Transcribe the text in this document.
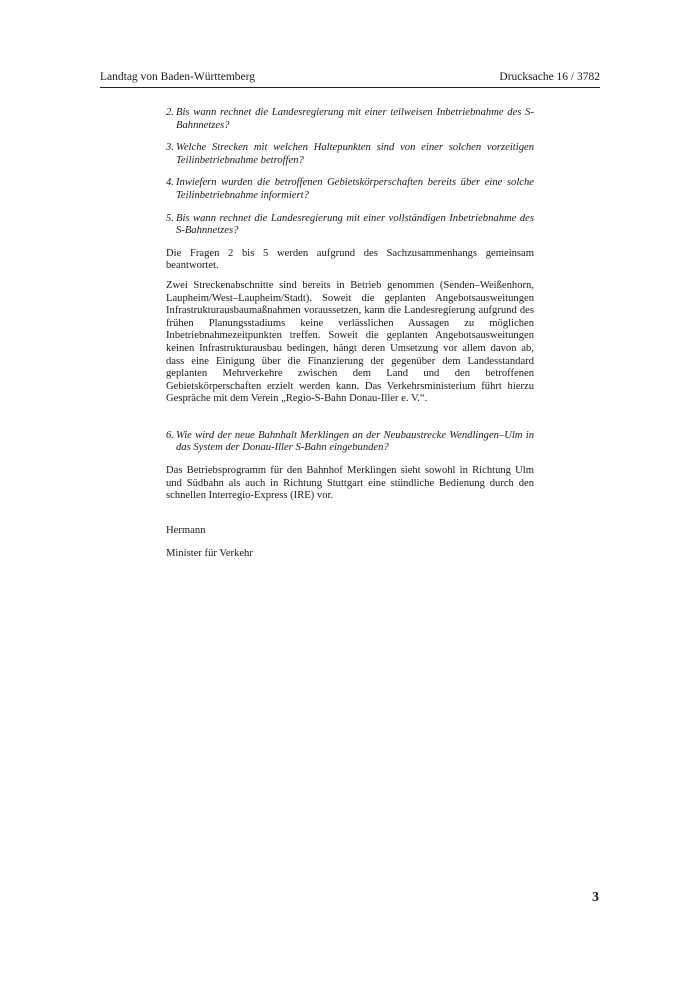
Landtag von Baden-Württemberg	Drucksache 16 / 3782
2. Bis wann rechnet die Landesregierung mit einer teilweisen Inbetriebnahme des S-Bahnnetzes?
3. Welche Strecken mit welchen Haltepunkten sind von einer solchen vorzeitigen Teilinbetriebnahme betroffen?
4. Inwiefern wurden die betroffenen Gebietskörperschaften bereits über eine solche Teilinbetriebnahme informiert?
5. Bis wann rechnet die Landesregierung mit einer vollständigen Inbetriebnahme des S-Bahnnetzes?

Die Fragen 2 bis 5 werden aufgrund des Sachzusammenhangs gemeinsam beantwortet.

Zwei Streckenabschnitte sind bereits in Betrieb genommen (Senden–Weißenhorn, Laupheim/West–Laupheim/Stadt). Soweit die geplanten Angebotsausweitungen Infrastrukturausbaumaßnahmen voraussetzen, kann die Landesregierung aufgrund des frühen Planungsstadiums keine verlässlichen Aussagen zu möglichen Inbetriebnahmezeitpunkten treffen. Soweit die geplanten Angebotsausweitungen keinen Infrastrukturausbau bedingen, hängt deren Umsetzung vor allem davon ab, dass eine Einigung über die Finanzierung der gegenüber dem Landesstandard geplanten Mehrverkehre zwischen dem Land und den betroffenen Gebietskörperschaften erzielt werden kann. Das Verkehrsministerium führt hierzu Gespräche mit dem Verein „Regio-S-Bahn Donau-Iller e. V.“.

6. Wie wird der neue Bahnhalt Merklingen an der Neubaustrecke Wendlingen–Ulm in das System der Donau-Iller S-Bahn eingebunden?

Das Betriebsprogramm für den Bahnhof Merklingen sieht sowohl in Richtung Ulm und Südbahn als auch in Richtung Stuttgart eine stündliche Bedienung durch den schnellen Interregio-Express (IRE) vor.

Hermann

Minister für Verkehr

3
